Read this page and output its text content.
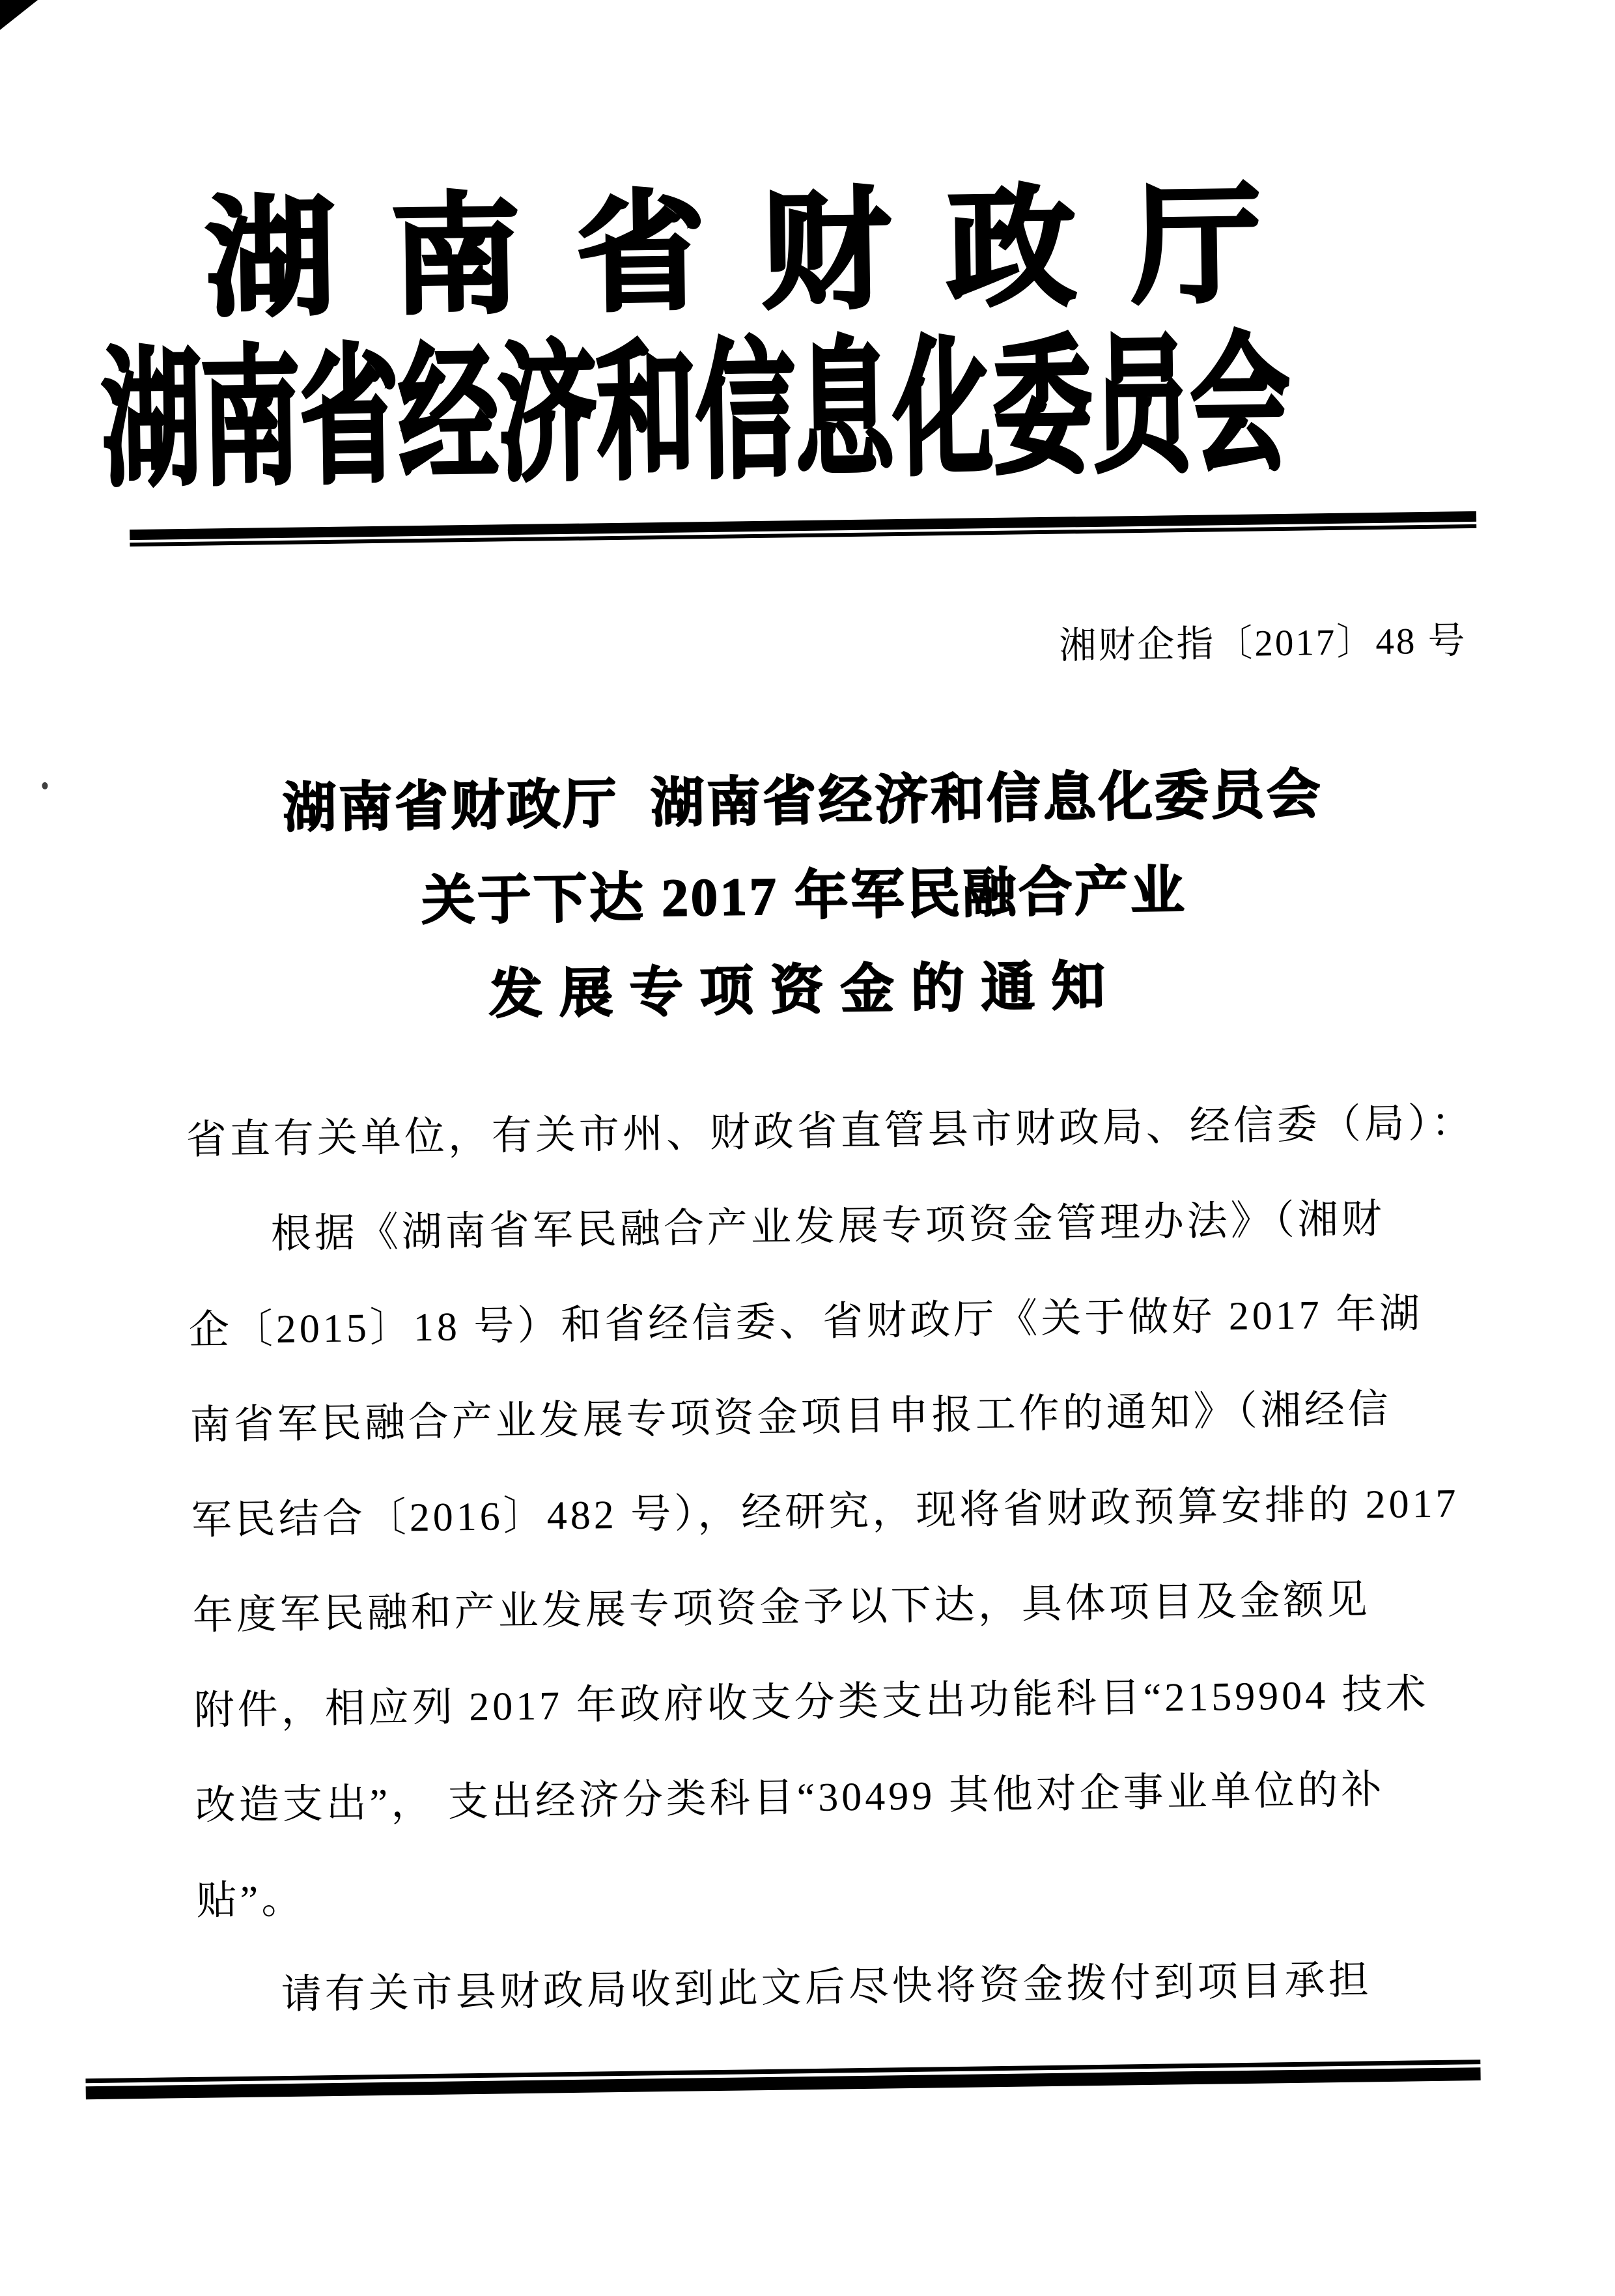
湖 南 省 财 政 厅
湖
南
省
经
济
和
信
息
化
委
员
会
湘财企指〔2017〕48 号
湖南省财政厅  湖南省经济和信息化委员会
关于下达 2017 年军民融合产业
发展专项资金的通知
省直有关单位，有关市州、财政省直管县市财政局、经信委（局）：
根据《湖南省军民融合产业发展专项资金管理办法》（湘财
企〔2015〕18 号）和省经信委、省财政厅《关于做好 2017 年湖
南省军民融合产业发展专项资金项目申报工作的通知》（湘经信
军民结合〔2016〕482 号），经研究，现将省财政预算安排的 2017
年度军民融和产业发展专项资金予以下达，具体项目及金额见
附件，相应列 2017 年政府收支分类支出功能科目“2159904 技术
改造支出”， 支出经济分类科目“30499 其他对企事业单位的补
贴”。
请有关市县财政局收到此文后尽快将资金拨付到项目承担
